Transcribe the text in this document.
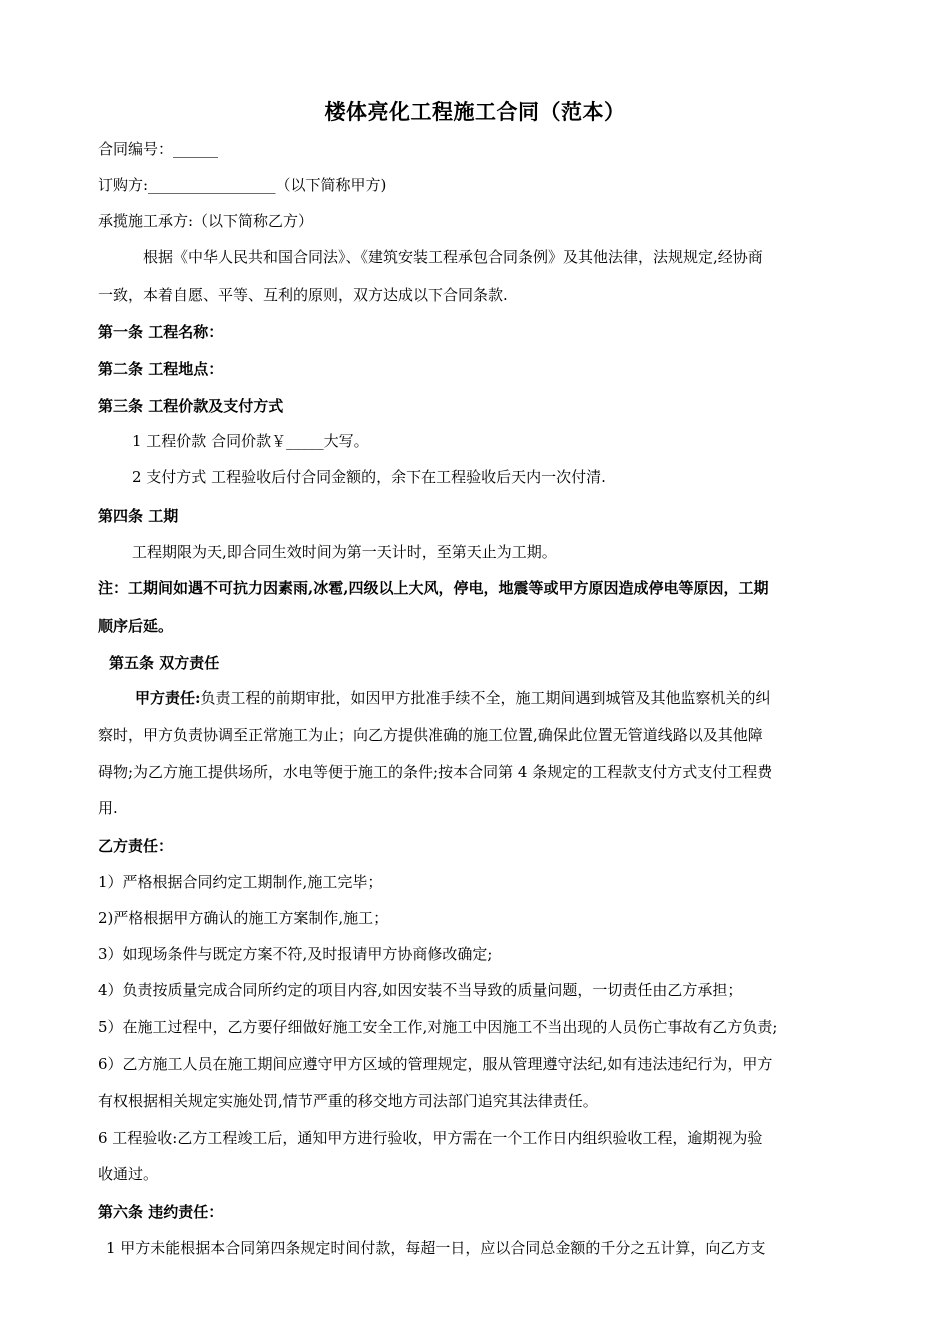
楼体亮化工程施工合同（范本）
合同编号：______
订购方:_________________（以下简称甲方)
承揽施工承方:（以下简称乙方）
根据《中华人民共和国合同法》、《建筑安装工程承包合同条例》及其他法律，法规规定,经协商
一致，本着自愿、平等、互利的原则，双方达成以下合同条款.
第一条 工程名称：
第二条 工程地点：
第三条 工程价款及支付方式
1 工程价款 合同价款￥_____大写。
2 支付方式 工程验收后付合同金额的，余下在工程验收后天内一次付清.
第四条 工期
工程期限为天,即合同生效时间为第一天计时，至第天止为工期。
注：工期间如遇不可抗力因素雨,冰雹,四级以上大风，停电，地震等或甲方原因造成停电等原因，工期
顺序后延。
第五条 双方责任
甲方责任:负责工程的前期审批，如因甲方批准手续不全，施工期间遇到城管及其他监察机关的纠
察时，甲方负责协调至正常施工为止；向乙方提供准确的施工位置,确保此位置无管道线路以及其他障
碍物;为乙方施工提供场所，水电等便于施工的条件;按本合同第 4 条规定的工程款支付方式支付工程费
用.
乙方责任：
1）严格根据合同约定工期制作,施工完毕；
2)严格根据甲方确认的施工方案制作,施工；
3）如现场条件与既定方案不符,及时报请甲方协商修改确定;
4）负责按质量完成合同所约定的项目内容,如因安装不当导致的质量问题，一切责任由乙方承担；
5）在施工过程中，乙方要仔细做好施工安全工作,对施工中因施工不当出现的人员伤亡事故有乙方负责;
6）乙方施工人员在施工期间应遵守甲方区域的管理规定，服从管理遵守法纪,如有违法违纪行为，甲方
有权根据相关规定实施处罚,情节严重的移交地方司法部门追究其法律责任。
6 工程验收:乙方工程竣工后，通知甲方进行验收，甲方需在一个工作日内组织验收工程，逾期视为验
收通过。
第六条 违约责任：
1 甲方未能根据本合同第四条规定时间付款，每超一日，应以合同总金额的千分之五计算，向乙方支
